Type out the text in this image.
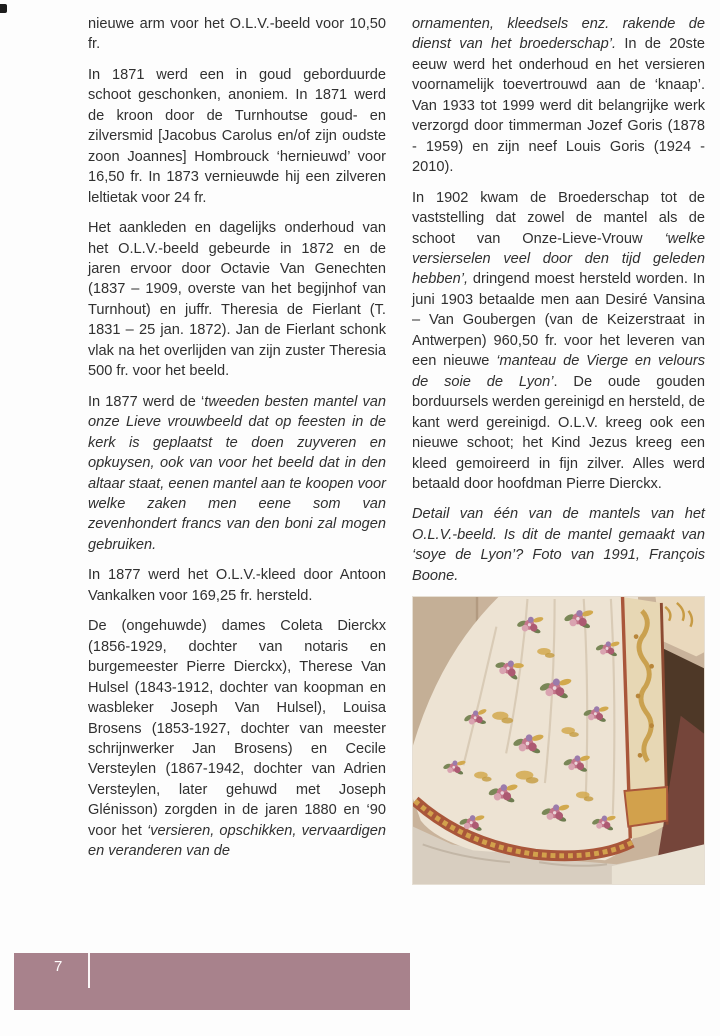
nieuwe arm voor het O.L.V.-beeld voor 10,50 fr.

In 1871 werd een in goud geborduurde schoot geschonken, anoniem. In 1871 werd de kroon door de Turnhoutse goud- en zilversmid [Jacobus Carolus en/of zijn oudste zoon Joannes] Hombrouck ‘hernieuwd’ voor 16,50 fr. In 1873 vernieuwde hij een zilveren leltietak voor 24 fr.

Het aankleden en dagelijks onderhoud van het O.L.V.-beeld gebeurde in 1872 en de jaren ervoor door Octavie Van Genechten (1837 – 1909, overste van het begijnhof van Turnhout) en juffr. Theresia de Fierlant (T. 1831 – 25 jan. 1872). Jan de Fierlant schonk vlak na het overlijden van zijn zuster Theresia 500 fr. voor het beeld.

In 1877 werd de ‘tweeden besten mantel van onze Lieve vrouwbeeld dat op feesten in de kerk is geplaatst te doen zuyveren en opkuysen, ook van voor het beeld dat in den altaar staat, eenen mantel aan te koopen voor welke zaken men eene som van zevenhondert francs van den boni zal mogen gebruiken.

In 1877 werd het O.L.V.-kleed door Antoon Vankalken voor 169,25 fr. hersteld.

De (ongehuwde) dames Coleta Dierckx (1856-1929, dochter van notaris en burgemeester Pierre Dierckx), Therese Van Hulsel (1843-1912, dochter van koopman en wasbleker Joseph Van Hulsel), Louisa Brosens (1853-1927, dochter van meester schrijnwerker Jan Brosens) en Cecile Versteylen (1867-1942, dochter van Adrien Versteylen, later gehuwd met Joseph Glénisson) zorgden in de jaren 1880 en ‘90 voor het ‘versieren, opschikken, vervaardigen en veranderen van de

ornamenten, kleedsels enz. rakende de dienst van het broederschap’. In de 20ste eeuw werd het onderhoud en het versieren voornamelijk toevertrouwd aan de ‘knaap’. Van 1933 tot 1999 werd dit belangrijke werk verzorgd door timmerman Jozef Goris (1878 - 1959) en zijn neef Louis Goris (1924 - 2010).

In 1902 kwam de Broederschap tot de vaststelling dat zowel de mantel als de schoot van Onze-Lieve-Vrouw ‘welke versierselen veel door den tijd geleden hebben’, dringend moest hersteld worden. In juni 1903 betaalde men aan Desiré Vansina – Van Goubergen (van de Keizerstraat in Antwerpen) 960,50 fr. voor het leveren van een nieuwe ‘manteau de Vierge en velours de soie de Lyon’. De oude gouden borduursels werden gereinigd en hersteld, de kant werd gereinigd. O.L.V. kreeg ook een nieuwe schoot; het Kind Jezus kreeg een kleed gemoireerd in fijn zilver. Alles werd betaald door hoofdman Pierre Dierckx.

Detail van één van de mantels van het O.L.V.-beeld. Is dit de mantel gemaakt van ‘soye de Lyon’? Foto van 1991, François Boone.

7
